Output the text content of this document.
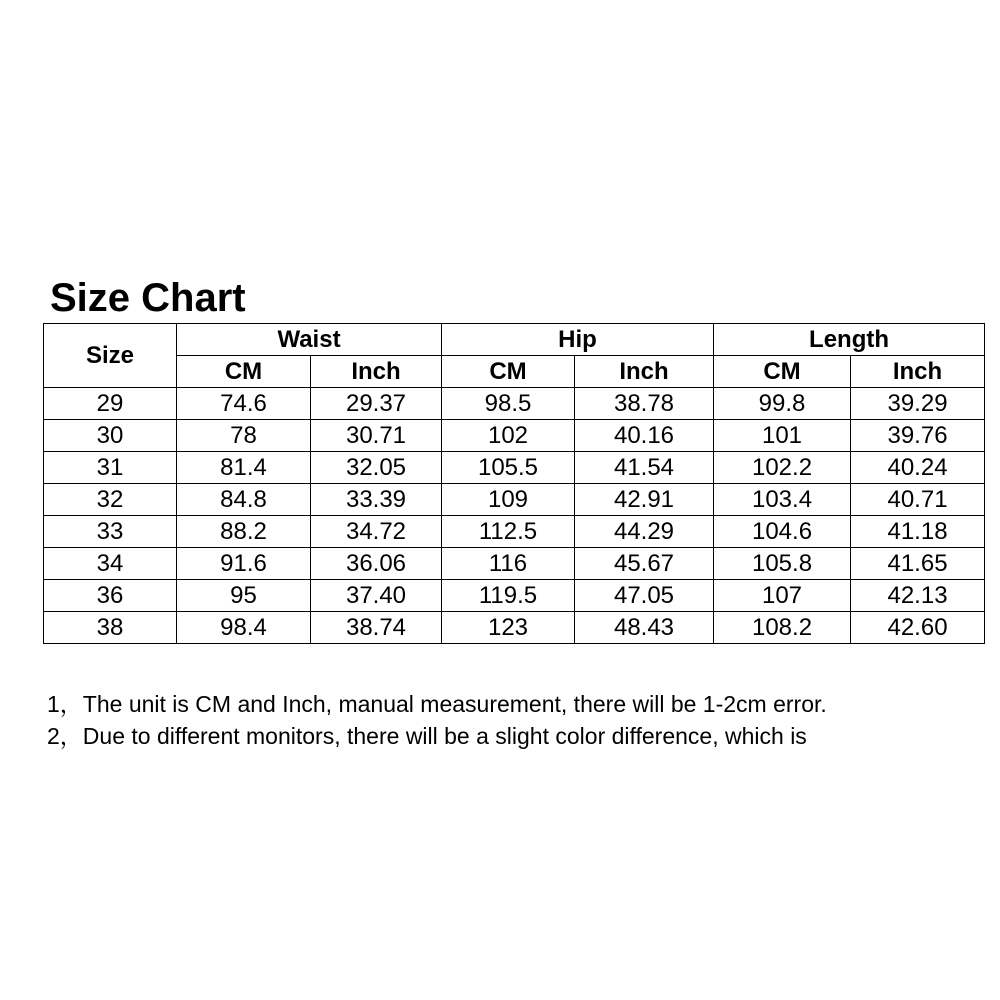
Size Chart
Size	Waist		Hip		Length	
	CM	Inch	CM	Inch	CM	Inch
29	74.6	29.37	98.5	38.78	99.8	39.29
30	78	30.71	102	40.16	101	39.76
31	81.4	32.05	105.5	41.54	102.2	40.24
32	84.8	33.39	109	42.91	103.4	40.71
33	88.2	34.72	112.5	44.29	104.6	41.18
34	91.6	36.06	116	45.67	105.8	41.65
36	95	37.40	119.5	47.05	107	42.13
38	98.4	38.74	123	48.43	108.2	42.60
1，The unit is CM and Inch, manual measurement, there will be 1-2cm error.
2，Due to different monitors, there will be a slight color difference, which is
